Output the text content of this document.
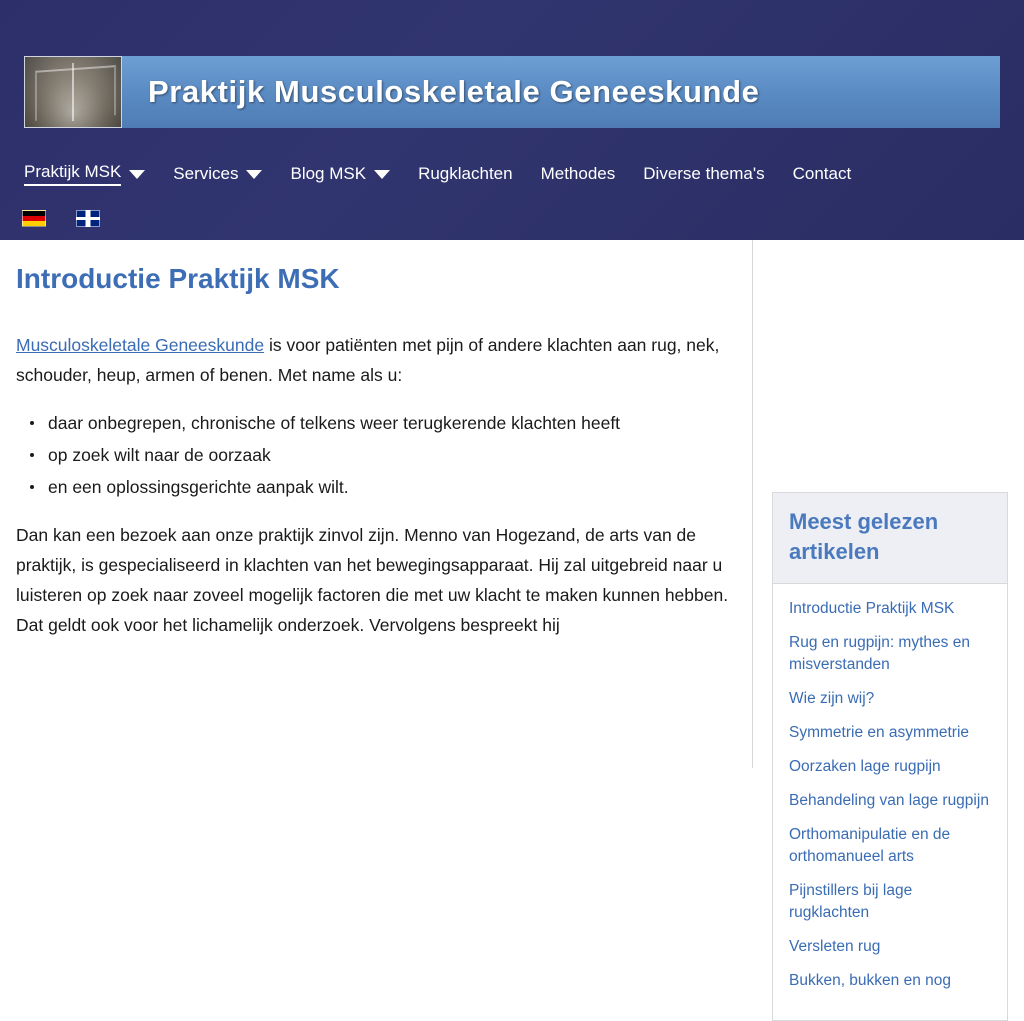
Praktijk Musculoskeletale Geneeskunde
Praktijk MSK	Services	Blog MSK	Rugklachten Methodes Diverse thema's Contact
Introductie Praktijk MSK

Musculoskeletale Geneeskunde is voor patiënten met pijn of andere klachten aan rug, nek, schouder, heup, armen of benen. Met name als u:

daar onbegrepen, chronische of telkens weer terugkerende klachten heeft
op zoek wilt naar de oorzaak
en een oplossingsgerichte aanpak wilt.

Dan kan een bezoek aan onze praktijk zinvol zijn. Menno van Hogezand, de arts van de praktijk, is gespecialiseerd in klachten van het bewegingsapparaat. Hij zal uitgebreid naar u luisteren op zoek naar zoveel mogelijk factoren die met uw klacht te maken kunnen hebben. Dat geldt ook voor het lichamelijk onderzoek. Vervolgens bespreekt hij

Meest gelezen artikelen
Introductie Praktijk MSK
Rug en rugpijn: mythes en misverstanden
Wie zijn wij?
Symmetrie en asymmetrie
Oorzaken lage rugpijn
Behandeling van lage rugpijn
Orthomanipulatie en de orthomanueel arts
Pijnstillers bij lage rugklachten
Versleten rug
Bukken, bukken en nog
